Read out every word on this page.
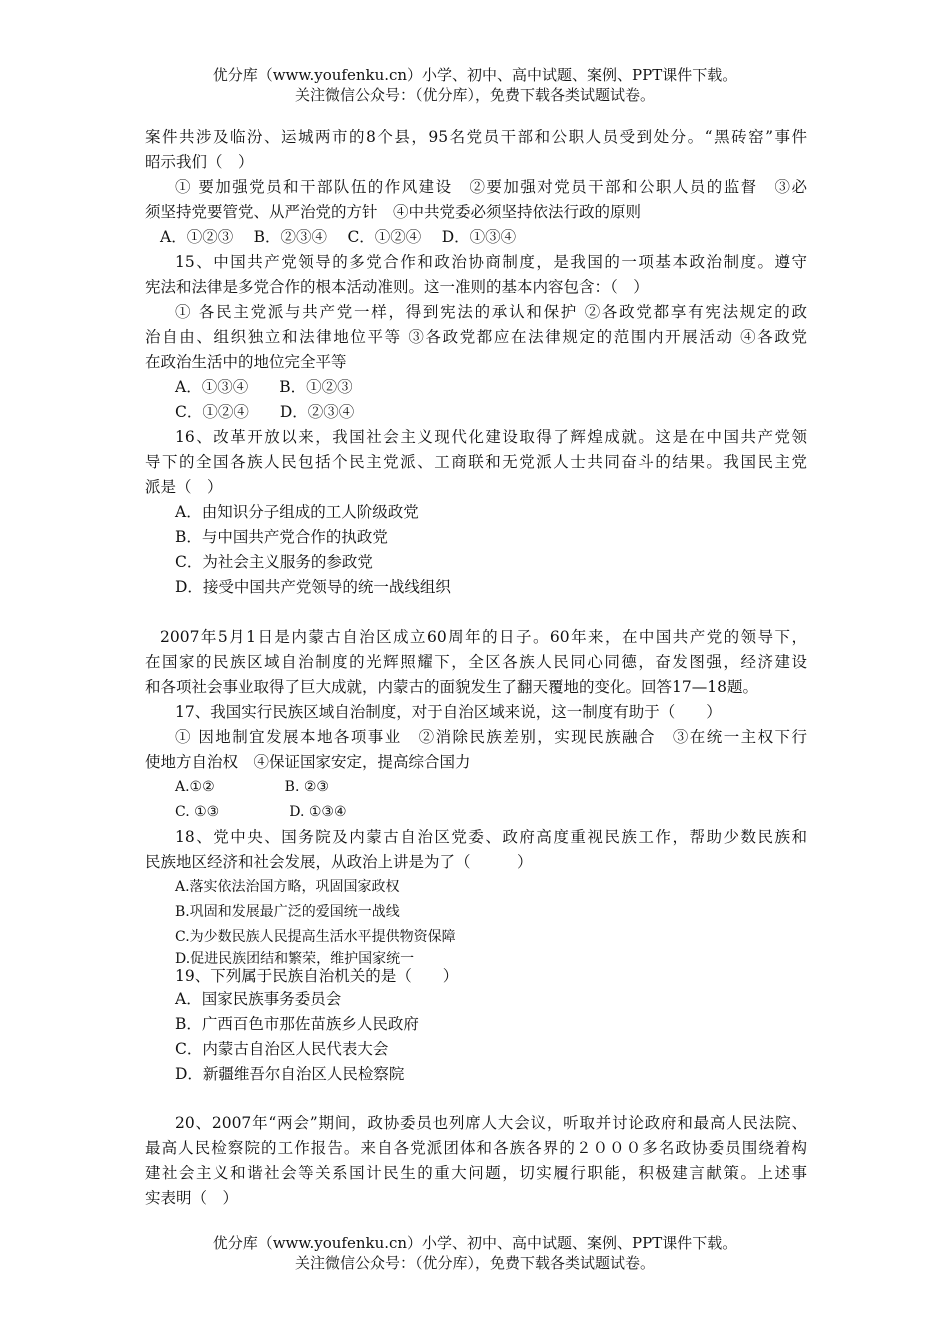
优分库（www.youfenku.cn）小学、初中、高中试题、案例、PPT课件下载。
关注微信公众号：（优分库），免费下载各类试题试卷。
案件共涉及临汾、运城两市的8个县，95名党员干部和公职人员受到处分。“黑砖窑”事件
昭示我们（　）
① 要加强党员和干部队伍的作风建设　②要加强对党员干部和公职人员的监督　③必
须坚持党要管党、从严治党的方针　④中共党委必须坚持依法行政的原则
A．①②③　 B．②③④　 C．①②④　 D．①③④
15、中国共产党领导的多党合作和政治协商制度，是我国的一项基本政治制度。遵守
宪法和法律是多党合作的根本活动准则。这一准则的基本内容包含：（　）
① 各民主党派与共产党一样，得到宪法的承认和保护 ②各政党都享有宪法规定的政
治自由、组织独立和法律地位平等 ③各政党都应在法律规定的范围内开展活动 ④各政党
在政治生活中的地位完全平等
A．①③④　　B．①②③
C．①②④　　D．②③④
16、改革开放以来，我国社会主义现代化建设取得了辉煌成就。这是在中国共产党领
导下的全国各族人民包括个民主党派、工商联和无党派人士共同奋斗的结果。我国民主党
派是（　）
A．由知识分子组成的工人阶级政党
B．与中国共产党合作的执政党
C．为社会主义服务的参政党
D．接受中国共产党领导的统一战线组织
2007年5月1日是内蒙古自治区成立60周年的日子。60年来，在中国共产党的领导下，
在国家的民族区域自治制度的光辉照耀下，全区各族人民同心同德，奋发图强，经济建设
和各项社会事业取得了巨大成就，内蒙古的面貌发生了翻天覆地的变化。回答17—18题。
17、我国实行民族区域自治制度，对于自治区域来说，这一制度有助于（　　）
① 因地制宜发展本地各项事业　②消除民族差别，实现民族融合　③在统一主权下行
使地方自治权　④保证国家安定，提高综合国力
A.①②　　　　　B. ②③
C. ①③　　　　　D. ①③④
18、党中央、国务院及内蒙古自治区党委、政府高度重视民族工作，帮助少数民族和
民族地区经济和社会发展，从政治上讲是为了（　　　）
A.落实依法治国方略，巩固国家政权
B.巩固和发展最广泛的爱国统一战线
C.为少数民族人民提高生活水平提供物资保障
D.促进民族团结和繁荣，维护国家统一
19、下列属于民族自治机关的是（　　）
A．国家民族事务委员会
B．广西百色市那佐苗族乡人民政府
C．内蒙古自治区人民代表大会
D．新疆维吾尔自治区人民检察院
20、2007年“两会”期间，政协委员也列席人大会议，听取并讨论政府和最高人民法院、
最高人民检察院的工作报告。来自各党派团体和各族各界的２０００多名政协委员围绕着构
建社会主义和谐社会等关系国计民生的重大问题，切实履行职能，积极建言献策。上述事
实表明（　）
优分库（www.youfenku.cn）小学、初中、高中试题、案例、PPT课件下载。
关注微信公众号：（优分库），免费下载各类试题试卷。
